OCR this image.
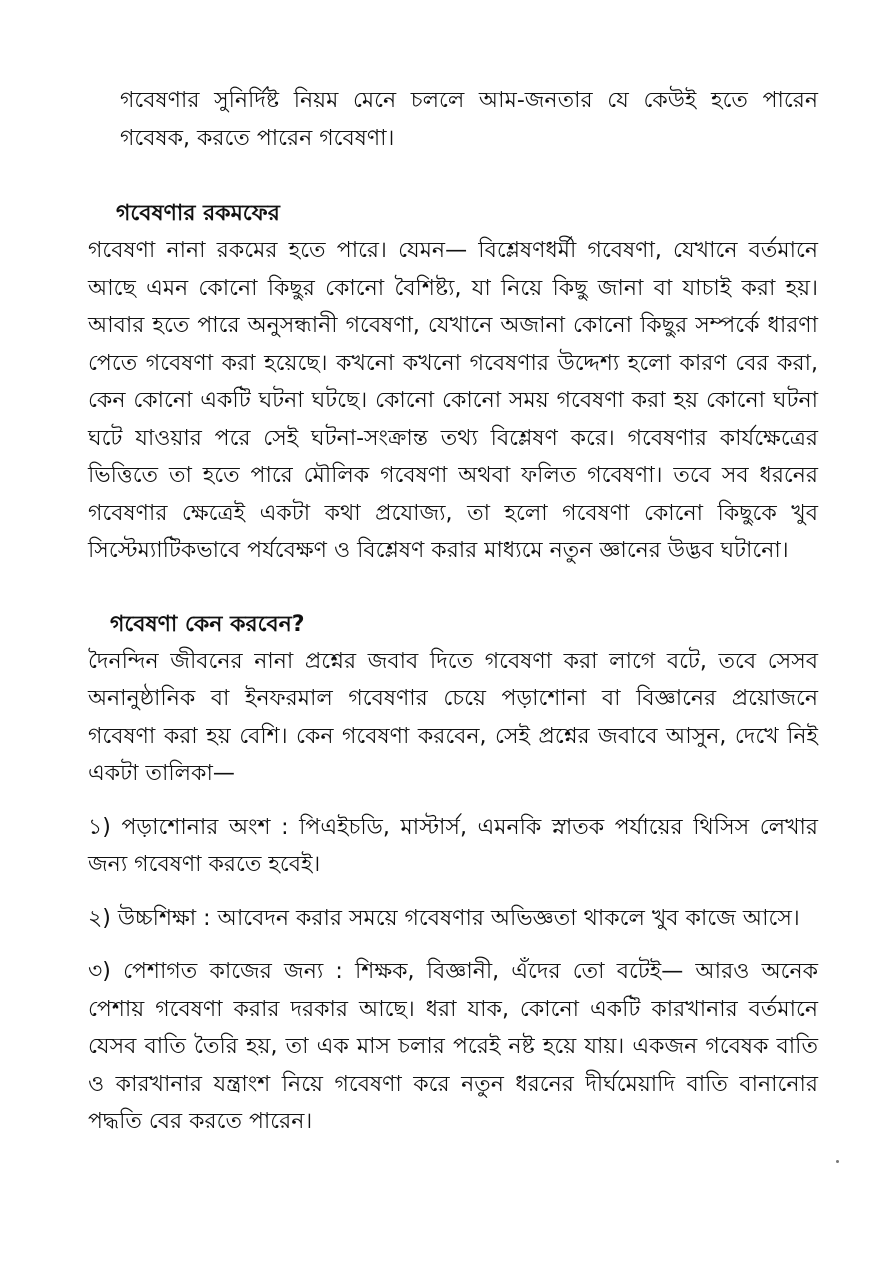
গবেষণার সুনির্দিষ্ট নিয়ম মেনে চললে আম-জনতার যে কেউই হতে পারেন গবেষক, করতে পারেন গবেষণা।

গবেষণার রকমফের

গবেষণা নানা রকমের হতে পারে। যেমন— বিশ্লেষণধর্মী গবেষণা, যেখানে বর্তমানে আছে এমন কোনো কিছুর কোনো বৈশিষ্ট্য, যা নিয়ে কিছু জানা বা যাচাই করা হয়। আবার হতে পারে অনুসন্ধানী গবেষণা, যেখানে অজানা কোনো কিছুর সম্পর্কে ধারণা পেতে গবেষণা করা হয়েছে। কখনো কখনো গবেষণার উদ্দেশ্য হলো কারণ বের করা, কেন কোনো একটি ঘটনা ঘটছে। কোনো কোনো সময় গবেষণা করা হয় কোনো ঘটনা ঘটে যাওয়ার পরে সেই ঘটনা-সংক্রান্ত তথ্য বিশ্লেষণ করে। গবেষণার কার্যক্ষেত্রের ভিত্তিতে তা হতে পারে মৌলিক গবেষণা অথবা ফলিত গবেষণা। তবে সব ধরনের গবেষণার ক্ষেত্রেই একটা কথা প্রযোজ্য, তা হলো গবেষণা কোনো কিছুকে খুব সিস্টেম্যাটিকভাবে পর্যবেক্ষণ ও বিশ্লেষণ করার মাধ্যমে নতুন জ্ঞানের উদ্ভব ঘটানো।

গবেষণা কেন করবেন?

দৈনন্দিন জীবনের নানা প্রশ্নের জবাব দিতে গবেষণা করা লাগে বটে, তবে সেসব অনানুষ্ঠানিক বা ইনফরমাল গবেষণার চেয়ে পড়াশোনা বা বিজ্ঞানের প্রয়োজনে গবেষণা করা হয় বেশি। কেন গবেষণা করবেন, সেই প্রশ্নের জবাবে আসুন, দেখে নিই একটা তালিকা—

১) পড়াশোনার অংশ : পিএইচডি, মাস্টার্স, এমনকি স্নাতক পর্যায়ের থিসিস লেখার জন্য গবেষণা করতে হবেই।

২) উচ্চশিক্ষা : আবেদন করার সময়ে গবেষণার অভিজ্ঞতা থাকলে খুব কাজে আসে।

৩) পেশাগত কাজের জন্য : শিক্ষক, বিজ্ঞানী, এঁদের তো বটেই— আরও অনেক পেশায় গবেষণা করার দরকার আছে। ধরা যাক, কোনো একটি কারখানার বর্তমানে যেসব বাতি তৈরি হয়, তা এক মাস চলার পরেই নষ্ট হয়ে যায়। একজন গবেষক বাতি ও কারখানার যন্ত্রাংশ নিয়ে গবেষণা করে নতুন ধরনের দীর্ঘমেয়াদি বাতি বানানোর পদ্ধতি বের করতে পারেন।
